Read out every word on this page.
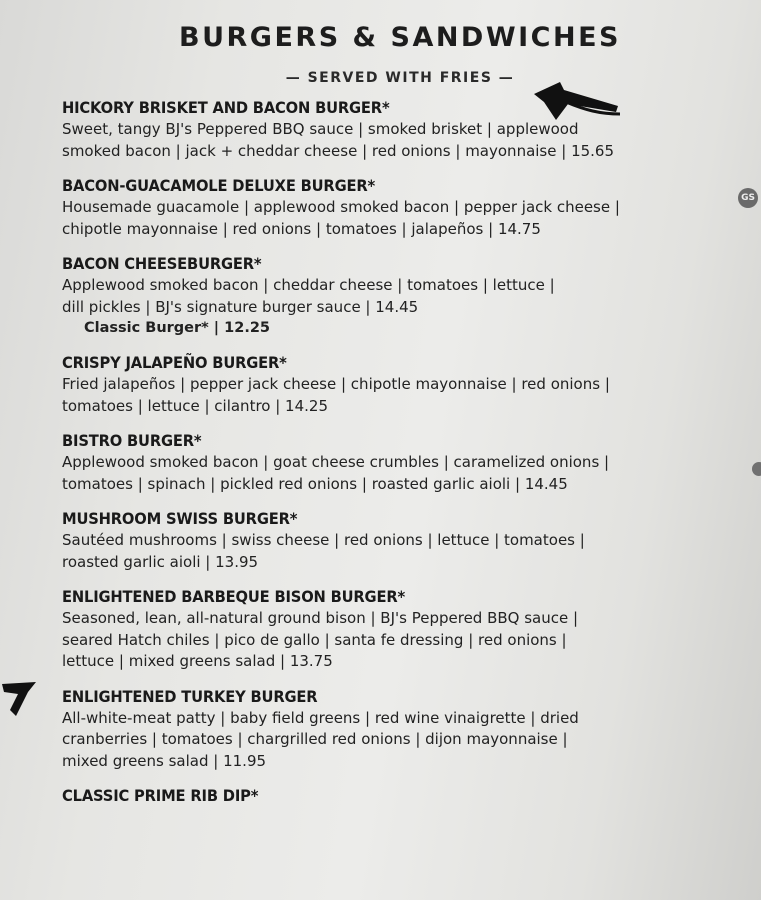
BURGERS & SANDWICHES
— SERVED WITH FRIES —
GS
HICKORY BRISKET AND BACON BURGER*
Sweet, tangy BJ's Peppered BBQ sauce | smoked brisket | applewood
smoked bacon | jack + cheddar cheese | red onions | mayonnaise | 15.65
BACON-GUACAMOLE DELUXE BURGER*
Housemade guacamole | applewood smoked bacon | pepper jack cheese |
chipotle mayonnaise | red onions | tomatoes | jalapeños | 14.75
BACON CHEESEBURGER*
Applewood smoked bacon | cheddar cheese | tomatoes | lettuce |
dill pickles | BJ's signature burger sauce | 14.45
Classic Burger* | 12.25
CRISPY JALAPEÑO BURGER*
Fried jalapeños | pepper jack cheese | chipotle mayonnaise | red onions |
tomatoes | lettuce | cilantro | 14.25
BISTRO BURGER*
Applewood smoked bacon | goat cheese crumbles | caramelized onions |
tomatoes | spinach | pickled red onions | roasted garlic aioli | 14.45
MUSHROOM SWISS BURGER*
Sautéed mushrooms | swiss cheese | red onions | lettuce | tomatoes |
roasted garlic aioli | 13.95
ENLIGHTENED BARBEQUE BISON BURGER*
Seasoned, lean, all-natural ground bison | BJ's Peppered BBQ sauce |
seared Hatch chiles | pico de gallo | santa fe dressing | red onions |
lettuce | mixed greens salad | 13.75
ENLIGHTENED TURKEY BURGER
All-white-meat patty | baby field greens | red wine vinaigrette | dried
cranberries | tomatoes | chargrilled red onions | dijon mayonnaise |
mixed greens salad | 11.95
CLASSIC PRIME RIB DIP*
